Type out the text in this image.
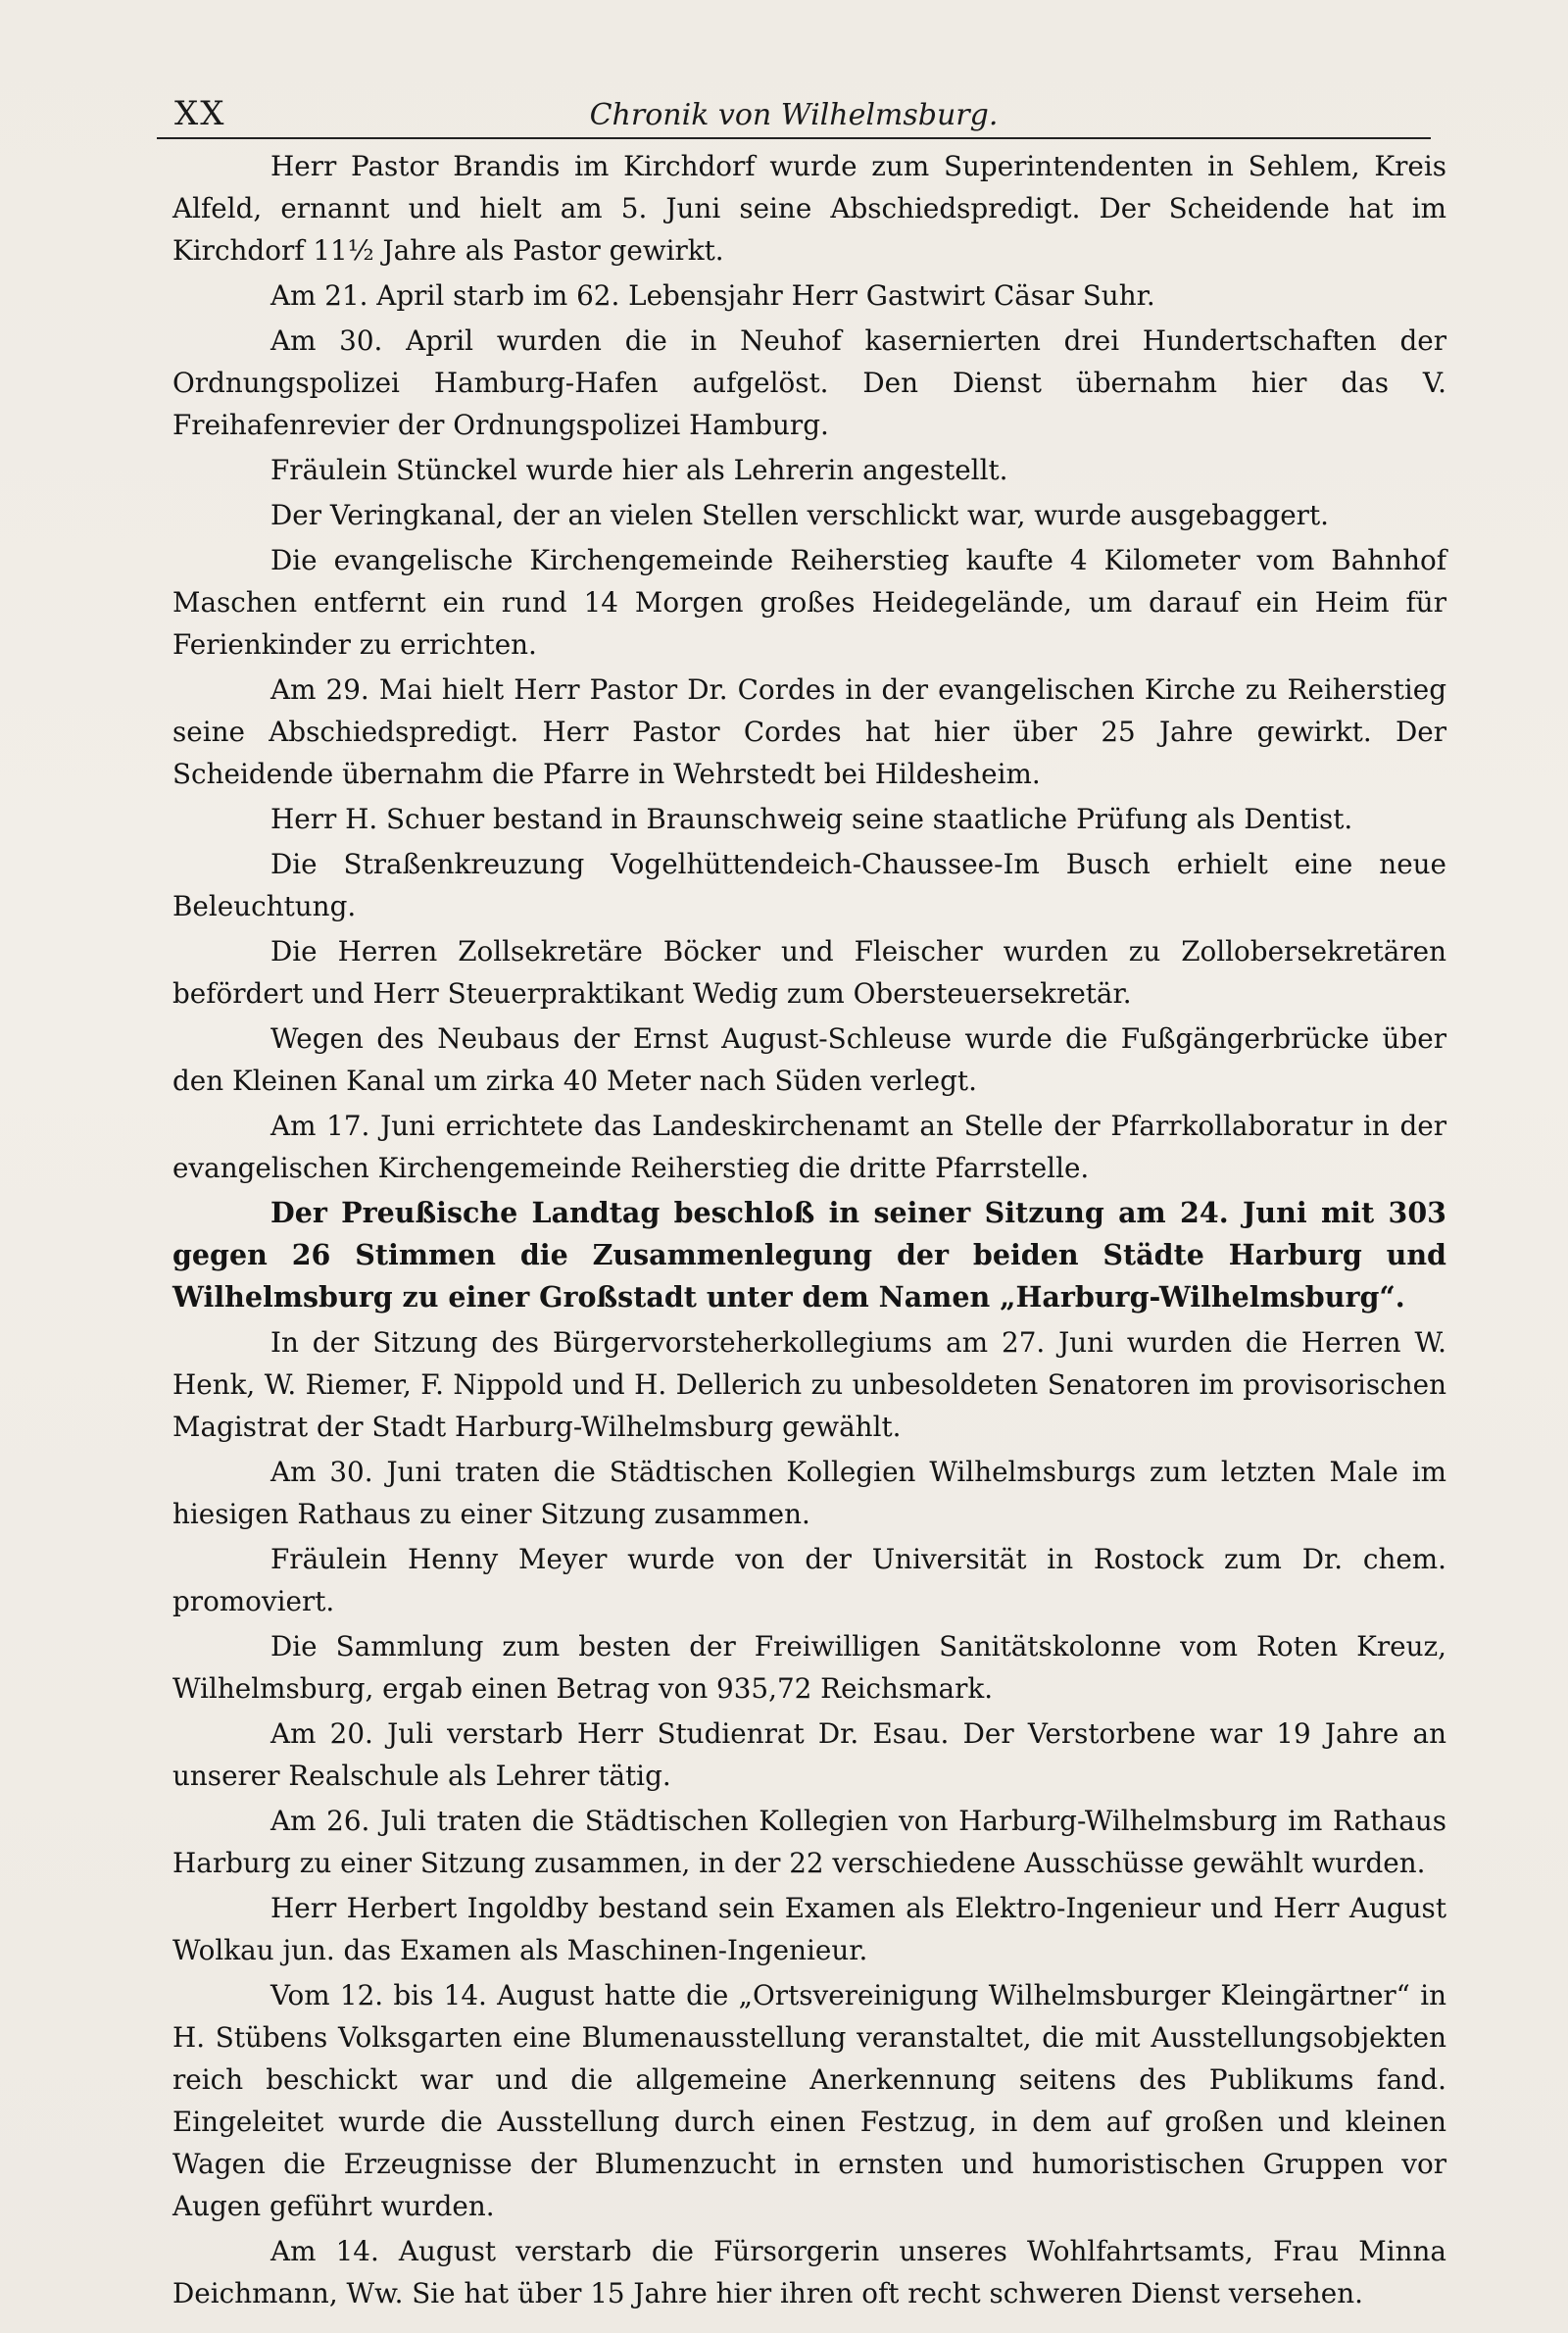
XX	Chronik von Wilhelmsburg.

Herr Pastor Brandis im Kirchdorf wurde zum Superintendenten in Sehlem, Kreis Alfeld, ernannt und hielt am 5. Juni seine Abschiedspredigt. Der Scheidende hat im Kirchdorf 11½ Jahre als Pastor gewirkt.

Am 21. April starb im 62. Lebensjahr Herr Gastwirt Cäsar Suhr.

Am 30. April wurden die in Neuhof kasernierten drei Hundertschaften der Ordnungspolizei Hamburg-Hafen aufgelöst. Den Dienst übernahm hier das V. Freihafenrevier der Ordnungspolizei Hamburg.

Fräulein Stünckel wurde hier als Lehrerin angestellt.

Der Veringkanal, der an vielen Stellen verschlickt war, wurde ausgebaggert.

Die evangelische Kirchengemeinde Reiherstieg kaufte 4 Kilometer vom Bahnhof Maschen entfernt ein rund 14 Morgen großes Heidegelände, um darauf ein Heim für Ferienkinder zu errichten.

Am 29. Mai hielt Herr Pastor Dr. Cordes in der evangelischen Kirche zu Reiherstieg seine Abschiedspredigt. Herr Pastor Cordes hat hier über 25 Jahre gewirkt. Der Scheidende übernahm die Pfarre in Wehrstedt bei Hildesheim.

Herr H. Schuer bestand in Braunschweig seine staatliche Prüfung als Dentist.

Die Straßenkreuzung Vogelhüttendeich-Chaussee-Im Busch erhielt eine neue Beleuchtung.

Die Herren Zollsekretäre Böcker und Fleischer wurden zu Zollobersekretären befördert und Herr Steuerpraktikant Wedig zum Obersteuersekretär.

Wegen des Neubaus der Ernst August-Schleuse wurde die Fußgängerbrücke über den Kleinen Kanal um zirka 40 Meter nach Süden verlegt.

Am 17. Juni errichtete das Landeskirchenamt an Stelle der Pfarrkollaboratur in der evangelischen Kirchengemeinde Reiherstieg die dritte Pfarrstelle.

Der Preußische Landtag beschloß in seiner Sitzung am 24. Juni mit 303 gegen 26 Stimmen die Zusammenlegung der beiden Städte Harburg und Wilhelmsburg zu einer Großstadt unter dem Namen „Harburg-Wilhelmsburg“.

In der Sitzung des Bürgervorsteherkollegiums am 27. Juni wurden die Herren W. Henk, W. Riemer, F. Nippold und H. Dellerich zu unbesoldeten Senatoren im provisorischen Magistrat der Stadt Harburg-Wilhelmsburg gewählt.

Am 30. Juni traten die Städtischen Kollegien Wilhelmsburgs zum letzten Male im hiesigen Rathaus zu einer Sitzung zusammen.

Fräulein Henny Meyer wurde von der Universität in Rostock zum Dr. chem. promoviert.

Die Sammlung zum besten der Freiwilligen Sanitätskolonne vom Roten Kreuz, Wilhelmsburg, ergab einen Betrag von 935,72 Reichsmark.

Am 20. Juli verstarb Herr Studienrat Dr. Esau. Der Verstorbene war 19 Jahre an unserer Realschule als Lehrer tätig.

Am 26. Juli traten die Städtischen Kollegien von Harburg-Wilhelmsburg im Rathaus Harburg zu einer Sitzung zusammen, in der 22 verschiedene Ausschüsse gewählt wurden.

Herr Herbert Ingoldby bestand sein Examen als Elektro-Ingenieur und Herr August Wolkau jun. das Examen als Maschinen-Ingenieur.

Vom 12. bis 14. August hatte die „Ortsvereinigung Wilhelmsburger Kleingärtner“ in H. Stübens Volksgarten eine Blumenausstellung veranstaltet, die mit Ausstellungsobjekten reich beschickt war und die allgemeine Anerkennung seitens des Publikums fand. Eingeleitet wurde die Ausstellung durch einen Festzug, in dem auf großen und kleinen Wagen die Erzeugnisse der Blumenzucht in ernsten und humoristischen Gruppen vor Augen geführt wurden.

Am 14. August verstarb die Fürsorgerin unseres Wohlfahrtsamts, Frau Minna Deichmann, Ww. Sie hat über 15 Jahre hier ihren oft recht schweren Dienst versehen.
